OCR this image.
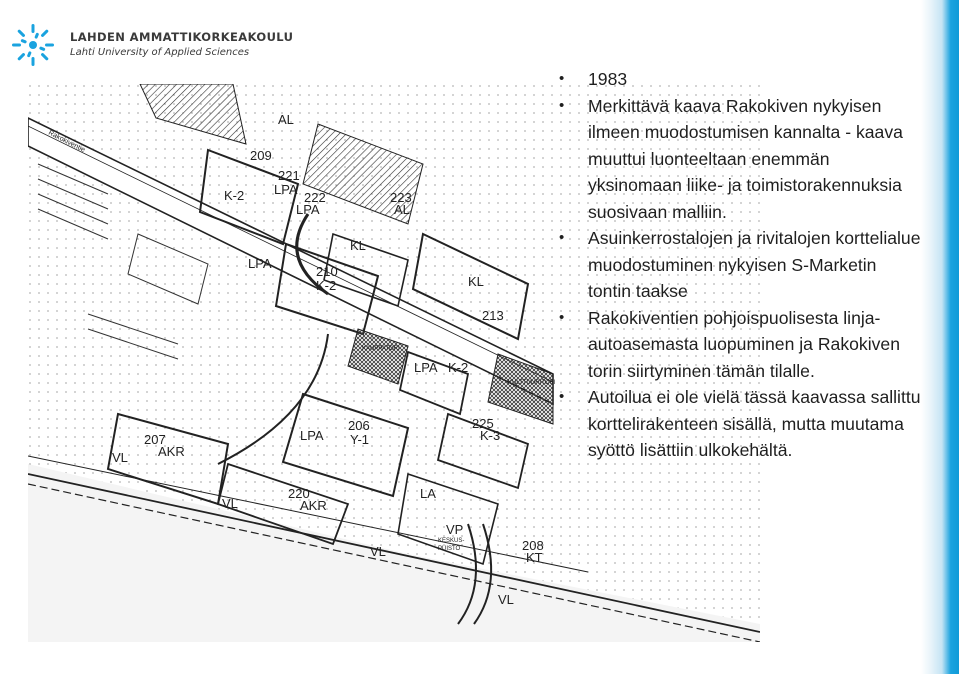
LAHDEN AMMATTIKORKEAKOULU
Lahti University of Applied Sciences
AL
209
221
LPA
K-2	222
LPA
223
AL
KL
LPA
210
K-2	KL
213
LPA K-2
206
Y-1
LPA
225
K-3
207
AKR
VL
220
AKR
VL
LA
VP
VL	208
KT
VL
KESKUS-
PUISTO
KAUPPATORI
KULTTUURITORI
Rakokiventie
• 1983
• Merkittävä kaava Rakokiven nykyisen ilmeen muodostumisen kannalta - kaava muuttui luonteeltaan enemmän yksinomaan liike- ja toimistorakennuksia suosivaan malliin.
• Asuinkerrostalojen ja rivitalojen korttelialue muodostuminen nykyisen S-Marketin tontin taakse
• Rakokiventien pohjoispuolisesta linja-autoasemasta luopuminen ja Rakokiven torin siirtyminen tämän tilalle.
• Autoilua ei ole vielä tässä kaavassa sallittu korttelirakenteen sisällä, mutta muutama syöttö lisättiin ulkokehältä.
